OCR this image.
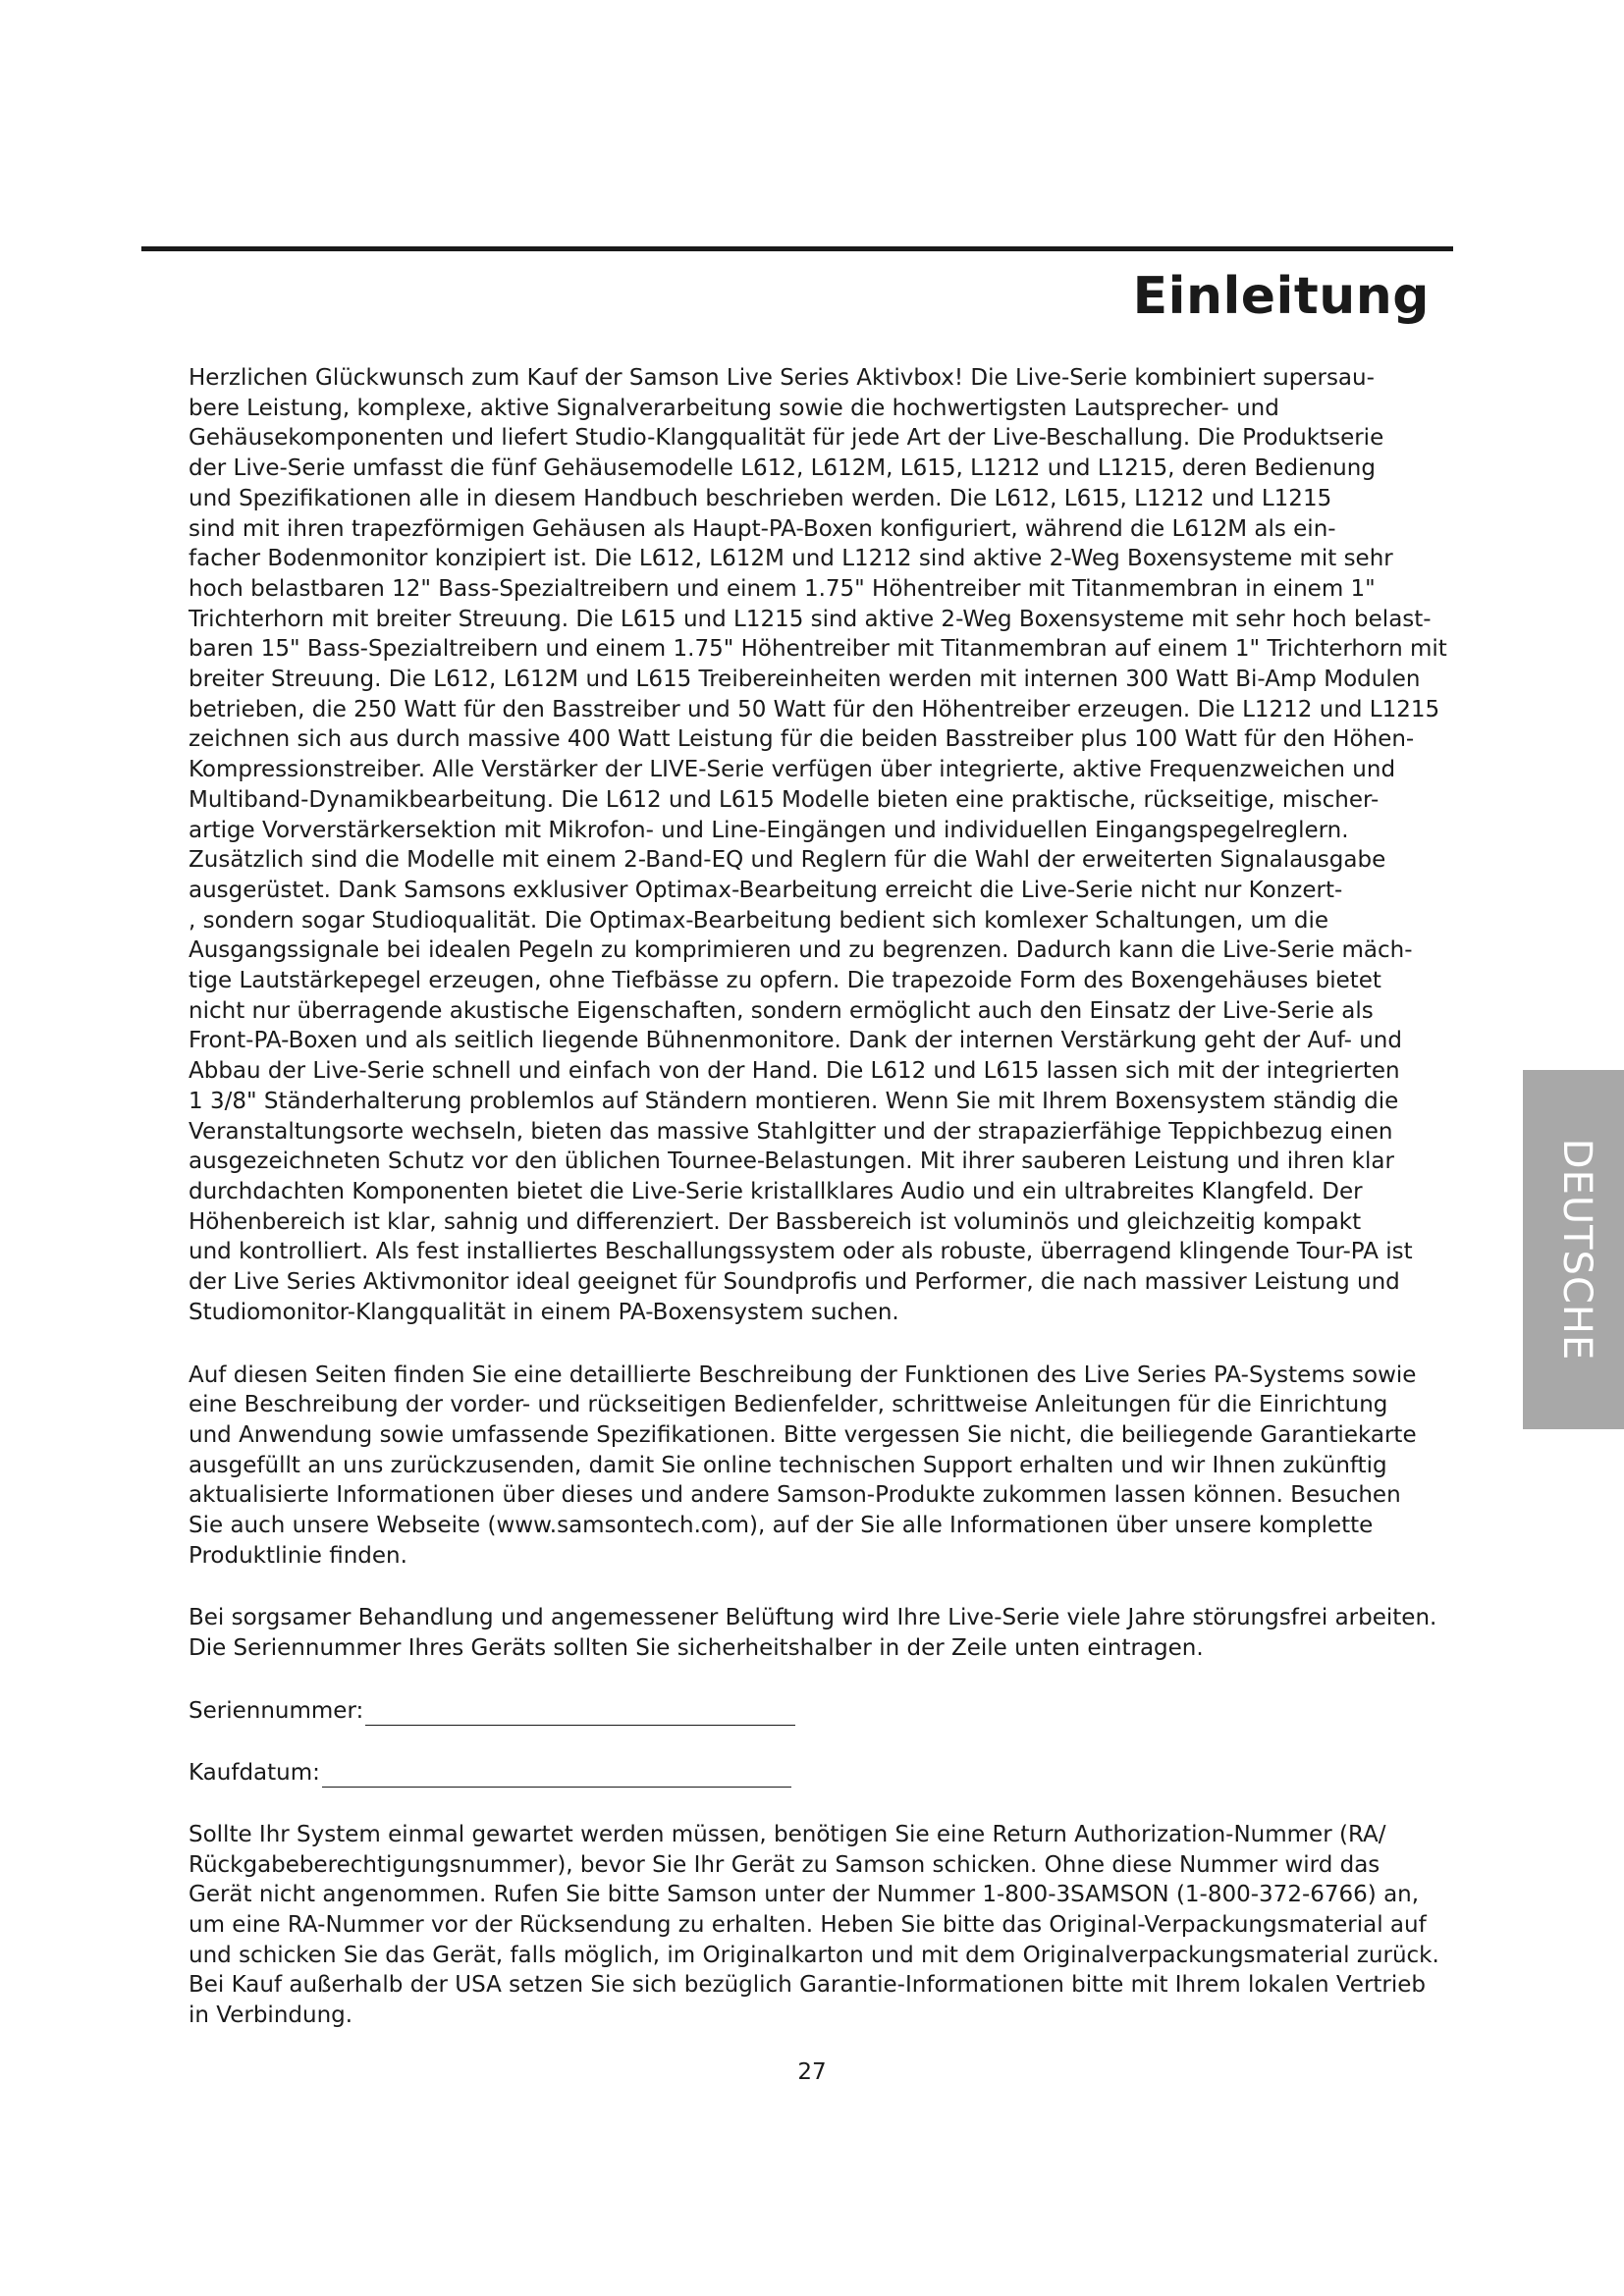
Einleitung

Herzlichen Glückwunsch zum Kauf der Samson Live Series Aktivbox! Die Live-Serie kombiniert supersau-
bere Leistung, komplexe, aktive Signalverarbeitung sowie die hochwertigsten Lautsprecher- und
Gehäusekomponenten und liefert Studio-Klangqualität für jede Art der Live-Beschallung. Die Produktserie
der Live-Serie umfasst die fünf Gehäusemodelle L612, L612M, L615, L1212 und L1215, deren Bedienung
und Spezifikationen alle in diesem Handbuch beschrieben werden. Die L612, L615, L1212 und L1215
sind mit ihren trapezförmigen Gehäusen als Haupt-PA-Boxen konfiguriert, während die L612M als ein-
facher Bodenmonitor konzipiert ist. Die L612, L612M und L1212 sind aktive 2-Weg Boxensysteme mit sehr
hoch belastbaren 12" Bass-Spezialtreibern und einem 1.75" Höhentreiber mit Titanmembran in einem 1"
Trichterhorn mit breiter Streuung. Die L615 und L1215 sind aktive 2-Weg Boxensysteme mit sehr hoch belast-
baren 15" Bass-Spezialtreibern und einem 1.75" Höhentreiber mit Titanmembran auf einem 1" Trichterhorn mit
breiter Streuung. Die L612, L612M und L615 Treibereinheiten werden mit internen 300 Watt Bi-Amp Modulen
betrieben, die 250 Watt für den Basstreiber und 50 Watt für den Höhentreiber erzeugen. Die L1212 und L1215
zeichnen sich aus durch massive 400 Watt Leistung für die beiden Basstreiber plus 100 Watt für den Höhen-
Kompressionstreiber. Alle Verstärker der LIVE-Serie verfügen über integrierte, aktive Frequenzweichen und
Multiband-Dynamikbearbeitung. Die L612 und L615 Modelle bieten eine praktische, rückseitige, mischer-
artige Vorverstärkersektion mit Mikrofon- und Line-Eingängen und individuellen Eingangspegelreglern.
Zusätzlich sind die Modelle mit einem 2-Band-EQ und Reglern für die Wahl der erweiterten Signalausgabe
ausgerüstet. Dank Samsons exklusiver Optimax-Bearbeitung erreicht die Live-Serie nicht nur Konzert-
, sondern sogar Studioqualität. Die Optimax-Bearbeitung bedient sich komlexer Schaltungen, um die
Ausgangssignale bei idealen Pegeln zu komprimieren und zu begrenzen. Dadurch kann die Live-Serie mäch-
tige Lautstärkepegel erzeugen, ohne Tiefbässe zu opfern. Die trapezoide Form des Boxengehäuses bietet
nicht nur überragende akustische Eigenschaften, sondern ermöglicht auch den Einsatz der Live-Serie als
Front-PA-Boxen und als seitlich liegende Bühnenmonitore. Dank der internen Verstärkung geht der Auf- und
Abbau der Live-Serie schnell und einfach von der Hand. Die L612 und L615 lassen sich mit der integrierten
1 3/8" Ständerhalterung problemlos auf Ständern montieren. Wenn Sie mit Ihrem Boxensystem ständig die
Veranstaltungsorte wechseln, bieten das massive Stahlgitter und der strapazierfähige Teppichbezug einen
ausgezeichneten Schutz vor den üblichen Tournee-Belastungen. Mit ihrer sauberen Leistung und ihren klar
durchdachten Komponenten bietet die Live-Serie kristallklares Audio und ein ultrabreites Klangfeld. Der
Höhenbereich ist klar, sahnig und differenziert. Der Bassbereich ist voluminös und gleichzeitig kompakt
und kontrolliert. Als fest installiertes Beschallungssystem oder als robuste, überragend klingende Tour-PA ist
der Live Series Aktivmonitor ideal geeignet für Soundprofis und Performer, die nach massiver Leistung und
Studiomonitor-Klangqualität in einem PA-Boxensystem suchen.

Auf diesen Seiten finden Sie eine detaillierte Beschreibung der Funktionen des Live Series PA-Systems sowie
eine Beschreibung der vorder- und rückseitigen Bedienfelder, schrittweise Anleitungen für die Einrichtung
und Anwendung sowie umfassende Spezifikationen. Bitte vergessen Sie nicht, die beiliegende Garantiekarte
ausgefüllt an uns zurückzusenden, damit Sie online technischen Support erhalten und wir Ihnen zukünftig
aktualisierte Informationen über dieses und andere Samson-Produkte zukommen lassen können. Besuchen
Sie auch unsere Webseite (www.samsontech.com), auf der Sie alle Informationen über unsere komplette
Produktlinie finden.

Bei sorgsamer Behandlung und angemessener Belüftung wird Ihre Live-Serie viele Jahre störungsfrei arbeiten.
Die Seriennummer Ihres Geräts sollten Sie sicherheitshalber in der Zeile unten eintragen.

Seriennummer:
Kaufdatum:

Sollte Ihr System einmal gewartet werden müssen, benötigen Sie eine Return Authorization-Nummer (RA/
Rückgabeberechtigungsnummer), bevor Sie Ihr Gerät zu Samson schicken. Ohne diese Nummer wird das
Gerät nicht angenommen. Rufen Sie bitte Samson unter der Nummer 1-800-3SAMSON (1-800-372-6766) an,
um eine RA-Nummer vor der Rücksendung zu erhalten. Heben Sie bitte das Original-Verpackungsmaterial auf
und schicken Sie das Gerät, falls möglich, im Originalkarton und mit dem Originalverpackungsmaterial zurück.
Bei Kauf außerhalb der USA setzen Sie sich bezüglich Garantie-Informationen bitte mit Ihrem lokalen Vertrieb
in Verbindung.

27
DEUTSCHE
